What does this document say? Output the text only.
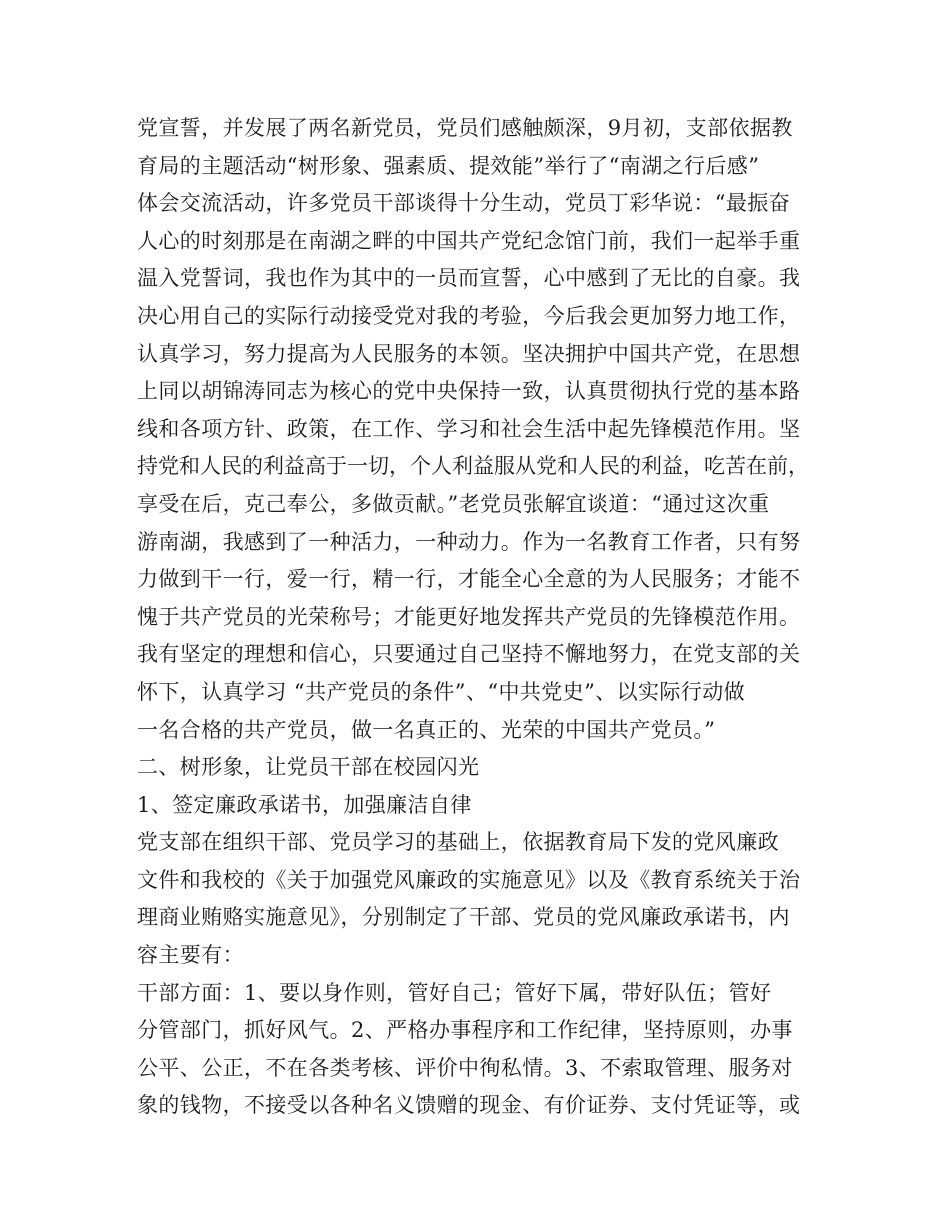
党宣誓，并发展了两名新党员，党员们感触颇深，9月初，支部依据教
育局的主题活动“树形象、强素质、提效能”举行了“南湖之行后感”
体会交流活动，许多党员干部谈得十分生动，党员丁彩华说：“最振奋
人心的时刻那是在南湖之畔的中国共产党纪念馆门前，我们一起举手重
温入党誓词，我也作为其中的一员而宣誓，心中感到了无比的自豪。我
决心用自己的实际行动接受党对我的考验，今后我会更加努力地工作，
认真学习，努力提高为人民服务的本领。坚决拥护中国共产党，在思想
上同以胡锦涛同志为核心的党中央保持一致，认真贯彻执行党的基本路
线和各项方针、政策，在工作、学习和社会生活中起先锋模范作用。坚
持党和人民的利益高于一切，个人利益服从党和人民的利益，吃苦在前，
享受在后，克己奉公，多做贡献。”老党员张解宜谈道：“通过这次重
游南湖，我感到了一种活力，一种动力。作为一名教育工作者，只有努
力做到干一行，爱一行，精一行，才能全心全意的为人民服务；才能不
愧于共产党员的光荣称号；才能更好地发挥共产党员的先锋模范作用。
我有坚定的理想和信心，只要通过自己坚持不懈地努力，在党支部的关
怀下，认真学习 “共产党员的条件”、“中共党史”、以实际行动做
一名合格的共产党员，做一名真正的、光荣的中国共产党员。”
二、树形象，让党员干部在校园闪光
1、签定廉政承诺书，加强廉洁自律
党支部在组织干部、党员学习的基础上，依据教育局下发的党风廉政
文件和我校的《关于加强党风廉政的实施意见》以及《教育系统关于治
理商业贿赂实施意见》，分别制定了干部、党员的党风廉政承诺书，内
容主要有：
干部方面：1、要以身作则，管好自己；管好下属，带好队伍；管好
分管部门，抓好风气。2、严格办事程序和工作纪律，坚持原则，办事
公平、公正，不在各类考核、评价中徇私情。3、不索取管理、服务对
象的钱物，不接受以各种名义馈赠的现金、有价证券、支付凭证等，或
